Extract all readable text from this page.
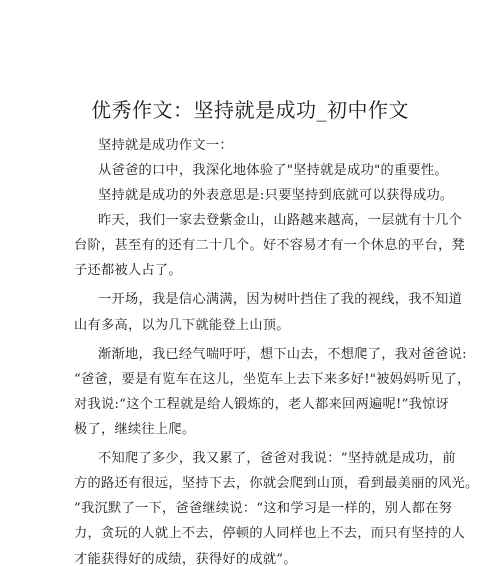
优秀作文：坚持就是成功_初中作文
坚持就是成功作文一：
从爸爸的口中，我深化地体验了"坚持就是成功"的重要性。
坚持就是成功的外表意思是:只要坚持到底就可以获得成功。
昨天，我们一家去登紫金山，山路越来越高，一层就有十几个
台阶，甚至有的还有二十几个。好不容易才有一个休息的平台，凳
子还都被人占了。
一开场，我是信心满满，因为树叶挡住了我的视线，我不知道
山有多高，以为几下就能登上山顶。
渐渐地，我已经气喘吁吁，想下山去，不想爬了，我对爸爸说:
“爸爸，要是有览车在这儿，坐览车上去下来多好!"被妈妈听见了，
对我说:“这个工程就是给人锻炼的，老人都来回两遍呢!”我惊讶
极了，继续往上爬。
不知爬了多少，我又累了，爸爸对我说：“坚持就是成功，前
方的路还有很远，坚持下去，你就会爬到山顶，看到最美丽的风光。
”我沉默了一下，爸爸继续说：“这和学习是一样的，别人都在努
力，贪玩的人就上不去，停顿的人同样也上不去，而只有坚持的人
才能获得好的成绩，获得好的成就”。
